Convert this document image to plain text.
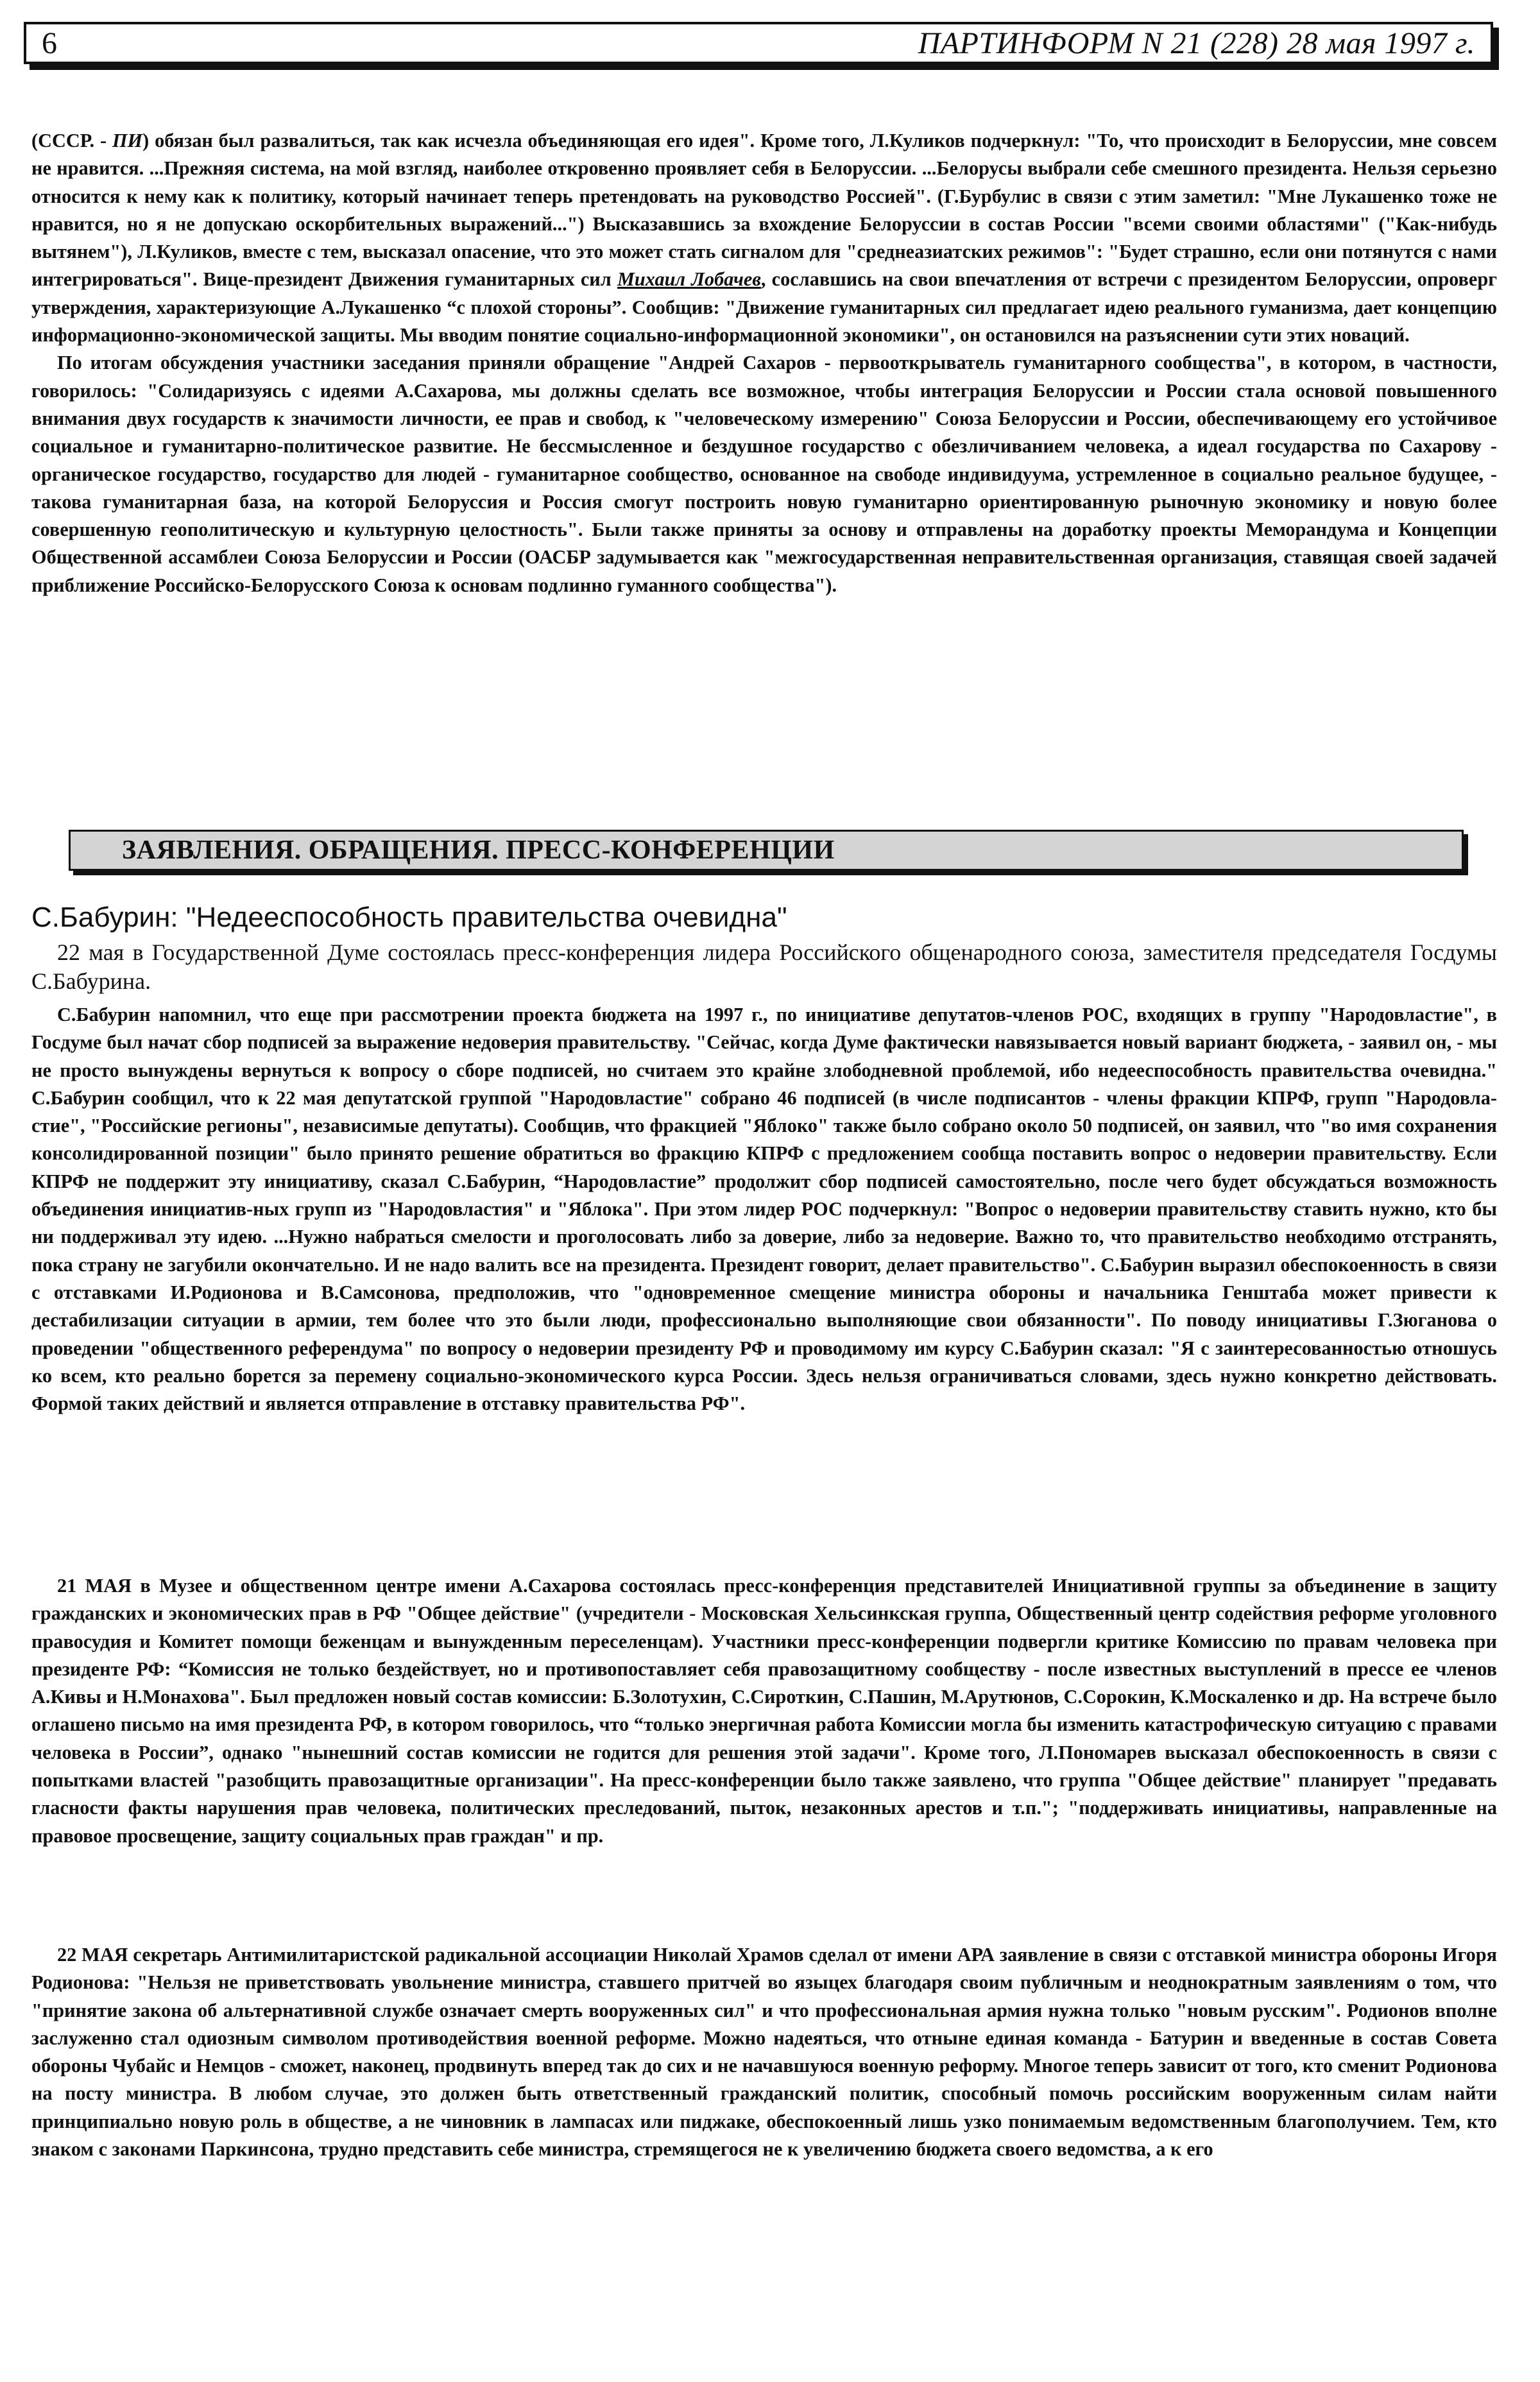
6	ПАРТИНФОРМ N 21 (228) 28 мая 1997 г.

(СССР. - ПИ) обязан был развалиться, так как исчезла объединяющая его идея". Кроме того, Л.Куликов подчеркнул: "То, что происходит в Белоруссии, мне совсем не нравится. ...Прежняя система, на мой взгляд, наиболее откровенно проявляет себя в Белоруссии. ...Белорусы выбрали себе смешного президента. Нельзя серьезно относится к нему как к политику, который начинает теперь претендовать на руководство Россией". (Г.Бурбулис в связи с этим заметил: "Мне Лукашенко тоже не нравится, но я не допускаю оскорбительных выражений...") Высказавшись за вхождение Белоруссии в состав России "всеми своими областями" ("Как-нибудь вытянем"), Л.Куликов, вместе с тем, высказал опасение, что это может стать сигналом для "среднеазиатских режимов": "Будет страшно, если они потянутся с нами интегрироваться". Вице-президент Движения гуманитарных сил Михаил Лобачев, сославшись на свои впечатления от встречи с президентом Белоруссии, опроверг утверждения, характеризующие А.Лукашенко “с плохой стороны”. Сообщив: "Движение гуманитарных сил предлагает идею реального гуманизма, дает концепцию информационно-экономической защиты. Мы вводим понятие социально-информационной экономики", он остановился на разъяснении сути этих новаций.

По итогам обсуждения участники заседания приняли обращение "Андрей Сахаров - первооткрыватель гуманитарного сообщества", в котором, в частности, говорилось: "Солидаризуясь с идеями А.Сахарова, мы должны сделать все возможное, чтобы интеграция Белоруссии и России стала основой повышенного внимания двух государств к значимости личности, ее прав и свобод, к "человеческому измерению" Союза Белоруссии и России, обеспечивающему его устойчивое социальное и гуманитарно-политическое развитие. Не бессмысленное и бездушное государство с обезличиванием человека, а идеал государства по Сахарову - органическое государство, государство для людей - гуманитарное сообщество, основанное на свободе индивидуума, устремленное в социально реальное будущее, - такова гуманитарная база, на которой Белоруссия и Россия смогут построить новую гуманитарно ориентированную рыночную экономику и новую более совершенную геополитическую и культурную целостность". Были также приняты за основу и отправлены на доработку проекты Меморандума и Концепции Общественной ассамблеи Союза Белоруссии и России (ОАСБР задумывается как "межгосударственная неправительственная организация, ставящая своей задачей приближение Российско-Белорусского Союза к основам подлинно гуманного сообщества").

ЗАЯВЛЕНИЯ. ОБРАЩЕНИЯ. ПРЕСС-КОНФЕРЕНЦИИ
С.Бабурин: "Недееспособность правительства очевидна"

22 мая в Государственной Думе состоялась пресс-конференция лидера Российского общенародного союза, заместителя председателя Госдумы С.Бабурина.

С.Бабурин напомнил, что еще при рассмотрении проекта бюджета на 1997 г., по инициативе депутатов-членов РОС, входящих в группу "Народовластие", в Госдуме был начат сбор подписей за выражение недоверия правительству. "Сейчас, когда Думе фактически навязывается новый вариант бюджета, - заявил он, - мы не просто вынуждены вернуться к вопросу о сборе подписей, но считаем это крайне злободневной проблемой, ибо недееспособность правительства очевидна." С.Бабурин сообщил, что к 22 мая депутатской группой "Народовластие" собрано 46 подписей (в числе подписантов - члены фракции КПРФ, групп "Народовла-стие", "Российские регионы", независимые депутаты). Сообщив, что фракцией "Яблоко" также было собрано около 50 подписей, он заявил, что "во имя сохранения консолидированной позиции" было принято решение обратиться во фракцию КПРФ с предложением сообща поставить вопрос о недоверии правительству. Если КПРФ не поддержит эту инициативу, сказал С.Бабурин, “Народовластие” продолжит сбор подписей самостоятельно, после чего будет обсуждаться возможность объединения инициатив-ных групп из "Народовластия" и "Яблока". При этом лидер РОС подчеркнул: "Вопрос о недоверии правительству ставить нужно, кто бы ни поддерживал эту идею. ...Нужно набраться смелости и проголосовать либо за доверие, либо за недоверие. Важно то, что правительство необходимо отстранять, пока страну не загубили окончательно. И не надо валить все на президента. Президент говорит, делает правительство". С.Бабурин выразил обеспокоенность в связи с отставками И.Родионова и В.Самсонова, предположив, что "одновременное смещение министра обороны и начальника Генштаба может привести к дестабилизации ситуации в армии, тем более что это были люди, профессионально выполняющие свои обязанности". По поводу инициативы Г.Зюганова о проведении "общественного референдума" по вопросу о недоверии президенту РФ и проводимому им курсу С.Бабурин сказал: "Я с заинтересованностью отношусь ко всем, кто реально борется за перемену социально-экономического курса России. Здесь нельзя ограничиваться словами, здесь нужно конкретно действовать. Формой таких действий и является отправление в отставку правительства РФ".

21 МАЯ в Музее и общественном центре имени А.Сахарова состоялась пресс-конференция представителей Инициативной группы за объединение в защиту гражданских и экономических прав в РФ "Общее действие" (учредители - Московская Хельсинкская группа, Общественный центр содействия реформе уголовного правосудия и Комитет помощи беженцам и вынужденным переселенцам). Участники пресс-конференции подвергли критике Комиссию по правам человека при президенте РФ: “Комиссия не только бездействует, но и противопоставляет себя правозащитному сообществу - после известных выступлений в прессе ее членов А.Кивы и Н.Монахова". Был предложен новый состав комиссии: Б.Золотухин, С.Сироткин, С.Пашин, М.Арутюнов, С.Сорокин, К.Москаленко и др. На встрече было оглашено письмо на имя президента РФ, в котором говорилось, что “только энергичная работа Комиссии могла бы изменить катастрофическую ситуацию с правами человека в России”, однако "нынешний состав комиссии не годится для решения этой задачи". Кроме того, Л.Пономарев высказал обеспокоенность в связи с попытками властей "разобщить правозащитные организации". На пресс-конференции было также заявлено, что группа "Общее действие" планирует "предавать гласности факты нарушения прав человека, политических преследований, пыток, незаконных арестов и т.п."; "поддерживать инициативы, направленные на правовое просвещение, защиту социальных прав граждан" и пр.

22 МАЯ секретарь Антимилитаристской радикальной ассоциации Николай Храмов сделал от имени АРА заявление в связи с отставкой министра обороны Игоря Родионова: "Нельзя не приветствовать увольнение министра, ставшего притчей во языцех благодаря своим публичным и неоднократным заявлениям о том, что "принятие закона об альтернативной службе означает смерть вооруженных сил" и что профессиональная армия нужна только "новым русским". Родионов вполне заслуженно стал одиозным символом противодействия военной реформе. Можно надеяться, что отныне единая команда - Батурин и введенные в состав Совета обороны Чубайс и Немцов - сможет, наконец, продвинуть вперед так до сих и не начавшуюся военную реформу. Многое теперь зависит от того, кто сменит Родионова на посту министра. В любом случае, это должен быть ответственный гражданский политик, способный помочь российским вооруженным силам найти принципиально новую роль в обществе, а не чиновник в лампасах или пиджаке, обеспокоенный лишь узко понимаемым ведомственным благополучием. Тем, кто знаком с законами Паркинсона, трудно представить себе министра, стремящегося не к увеличению бюджета своего ведомства, а к его
